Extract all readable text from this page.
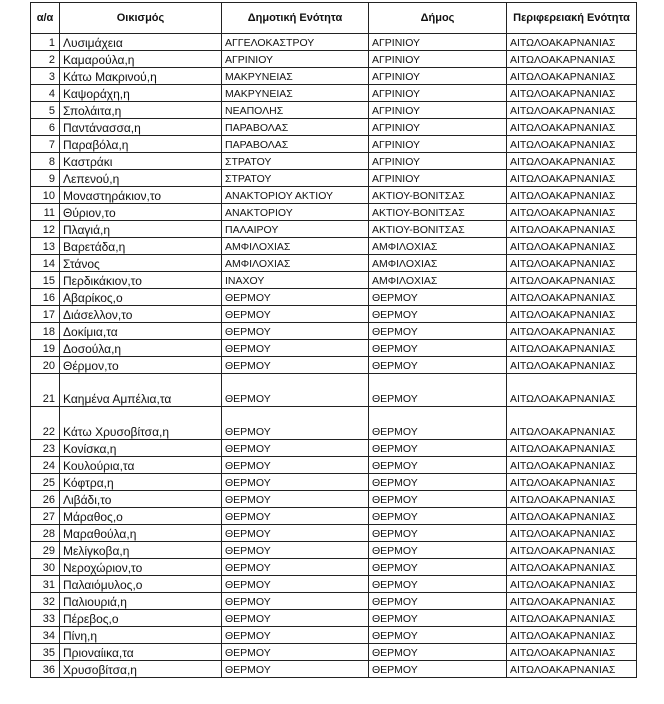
α/α	Οικισμός	Δημοτική Ενότητα	Δήμος	Περιφερειακή Ενότητα
1	Λυσιμάχεια	ΑΓΓΕΛΟΚΑΣΤΡΟΥ	ΑΓΡΙΝΙΟΥ	ΑΙΤΩΛΟΑΚΑΡΝΑΝΙΑΣ
2	Καμαρούλα,η	ΑΓΡΙΝΙΟΥ	ΑΓΡΙΝΙΟΥ	ΑΙΤΩΛΟΑΚΑΡΝΑΝΙΑΣ
3	Κάτω Μακρινού,η	ΜΑΚΡΥΝΕΙΑΣ	ΑΓΡΙΝΙΟΥ	ΑΙΤΩΛΟΑΚΑΡΝΑΝΙΑΣ
4	Καψοράχη,η	ΜΑΚΡΥΝΕΙΑΣ	ΑΓΡΙΝΙΟΥ	ΑΙΤΩΛΟΑΚΑΡΝΑΝΙΑΣ
5	Σπολάιτα,η	ΝΕΑΠΟΛΗΣ	ΑΓΡΙΝΙΟΥ	ΑΙΤΩΛΟΑΚΑΡΝΑΝΙΑΣ
6	Παντάνασσα,η	ΠΑΡΑΒΟΛΑΣ	ΑΓΡΙΝΙΟΥ	ΑΙΤΩΛΟΑΚΑΡΝΑΝΙΑΣ
7	Παραβόλα,η	ΠΑΡΑΒΟΛΑΣ	ΑΓΡΙΝΙΟΥ	ΑΙΤΩΛΟΑΚΑΡΝΑΝΙΑΣ
8	Καστράκι	ΣΤΡΑΤΟΥ	ΑΓΡΙΝΙΟΥ	ΑΙΤΩΛΟΑΚΑΡΝΑΝΙΑΣ
9	Λεπενού,η	ΣΤΡΑΤΟΥ	ΑΓΡΙΝΙΟΥ	ΑΙΤΩΛΟΑΚΑΡΝΑΝΙΑΣ
10	Μοναστηράκιον,το	ΑΝΑΚΤΟΡΙΟΥ ΑΚΤΙΟΥ	ΑΚΤΙΟΥ-ΒΟΝΙΤΣΑΣ	ΑΙΤΩΛΟΑΚΑΡΝΑΝΙΑΣ
11	Θύριον,το	ΑΝΑΚΤΟΡΙΟΥ	ΑΚΤΙΟΥ-ΒΟΝΙΤΣΑΣ	ΑΙΤΩΛΟΑΚΑΡΝΑΝΙΑΣ
12	Πλαγιά,η	ΠΑΛΑΙΡΟΥ	ΑΚΤΙΟΥ-ΒΟΝΙΤΣΑΣ	ΑΙΤΩΛΟΑΚΑΡΝΑΝΙΑΣ
13	Βαρετάδα,η	ΑΜΦΙΛΟΧΙΑΣ	ΑΜΦΙΛΟΧΙΑΣ	ΑΙΤΩΛΟΑΚΑΡΝΑΝΙΑΣ
14	Στάνος	ΑΜΦΙΛΟΧΙΑΣ	ΑΜΦΙΛΟΧΙΑΣ	ΑΙΤΩΛΟΑΚΑΡΝΑΝΙΑΣ
15	Περδικάκιον,το	ΙΝΑΧΟΥ	ΑΜΦΙΛΟΧΙΑΣ	ΑΙΤΩΛΟΑΚΑΡΝΑΝΙΑΣ
16	Αβαρίκος,ο	ΘΕΡΜΟΥ	ΘΕΡΜΟΥ	ΑΙΤΩΛΟΑΚΑΡΝΑΝΙΑΣ
17	Διάσελλον,το	ΘΕΡΜΟΥ	ΘΕΡΜΟΥ	ΑΙΤΩΛΟΑΚΑΡΝΑΝΙΑΣ
18	Δοκίμια,τα	ΘΕΡΜΟΥ	ΘΕΡΜΟΥ	ΑΙΤΩΛΟΑΚΑΡΝΑΝΙΑΣ
19	Δοσούλα,η	ΘΕΡΜΟΥ	ΘΕΡΜΟΥ	ΑΙΤΩΛΟΑΚΑΡΝΑΝΙΑΣ
20	Θέρμον,το	ΘΕΡΜΟΥ	ΘΕΡΜΟΥ	ΑΙΤΩΛΟΑΚΑΡΝΑΝΙΑΣ
21	Καημένα Αμπέλια,τα	ΘΕΡΜΟΥ	ΘΕΡΜΟΥ	ΑΙΤΩΛΟΑΚΑΡΝΑΝΙΑΣ
22	Κάτω Χρυσοβίτσα,η	ΘΕΡΜΟΥ	ΘΕΡΜΟΥ	ΑΙΤΩΛΟΑΚΑΡΝΑΝΙΑΣ
23	Κονίσκα,η	ΘΕΡΜΟΥ	ΘΕΡΜΟΥ	ΑΙΤΩΛΟΑΚΑΡΝΑΝΙΑΣ
24	Κουλούρια,τα	ΘΕΡΜΟΥ	ΘΕΡΜΟΥ	ΑΙΤΩΛΟΑΚΑΡΝΑΝΙΑΣ
25	Κόφτρα,η	ΘΕΡΜΟΥ	ΘΕΡΜΟΥ	ΑΙΤΩΛΟΑΚΑΡΝΑΝΙΑΣ
26	Λιβάδι,το	ΘΕΡΜΟΥ	ΘΕΡΜΟΥ	ΑΙΤΩΛΟΑΚΑΡΝΑΝΙΑΣ
27	Μάραθος,ο	ΘΕΡΜΟΥ	ΘΕΡΜΟΥ	ΑΙΤΩΛΟΑΚΑΡΝΑΝΙΑΣ
28	Μαραθούλα,η	ΘΕΡΜΟΥ	ΘΕΡΜΟΥ	ΑΙΤΩΛΟΑΚΑΡΝΑΝΙΑΣ
29	Μελίγκοβα,η	ΘΕΡΜΟΥ	ΘΕΡΜΟΥ	ΑΙΤΩΛΟΑΚΑΡΝΑΝΙΑΣ
30	Νεροχώριον,το	ΘΕΡΜΟΥ	ΘΕΡΜΟΥ	ΑΙΤΩΛΟΑΚΑΡΝΑΝΙΑΣ
31	Παλαιόμυλος,ο	ΘΕΡΜΟΥ	ΘΕΡΜΟΥ	ΑΙΤΩΛΟΑΚΑΡΝΑΝΙΑΣ
32	Παλιουριά,η	ΘΕΡΜΟΥ	ΘΕΡΜΟΥ	ΑΙΤΩΛΟΑΚΑΡΝΑΝΙΑΣ
33	Πέρεβος,ο	ΘΕΡΜΟΥ	ΘΕΡΜΟΥ	ΑΙΤΩΛΟΑΚΑΡΝΑΝΙΑΣ
34	Πίνη,η	ΘΕΡΜΟΥ	ΘΕΡΜΟΥ	ΑΙΤΩΛΟΑΚΑΡΝΑΝΙΑΣ
35	Πριοναίικα,τα	ΘΕΡΜΟΥ	ΘΕΡΜΟΥ	ΑΙΤΩΛΟΑΚΑΡΝΑΝΙΑΣ
36	Χρυσοβίτσα,η	ΘΕΡΜΟΥ	ΘΕΡΜΟΥ	ΑΙΤΩΛΟΑΚΑΡΝΑΝΙΑΣ
